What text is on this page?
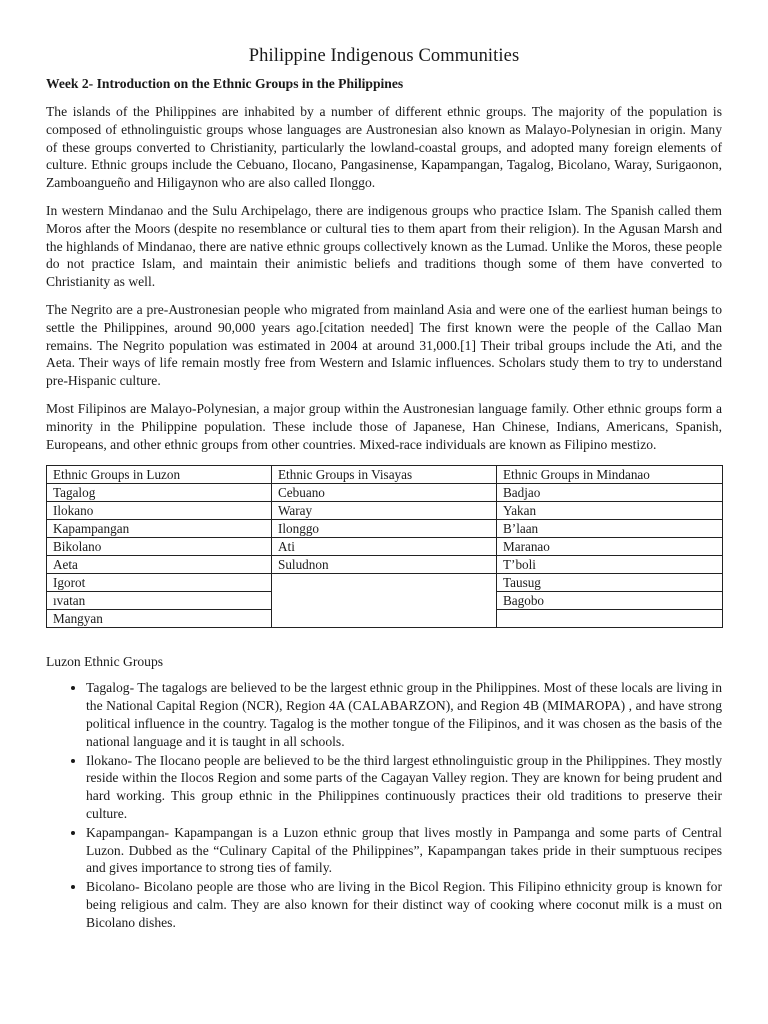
Philippine Indigenous Communities
Week 2- Introduction on the Ethnic Groups in the Philippines

The islands of the Philippines are inhabited by a number of different ethnic groups. The majority of the population is composed of ethnolinguistic groups whose languages are Austronesian also known as Malayo-Polynesian in origin. Many of these groups converted to Christianity, particularly the lowland-coastal groups, and adopted many foreign elements of culture. Ethnic groups include the Cebuano, Ilocano, Pangasinense, Kapampangan, Tagalog, Bicolano, Waray, Surigaonon, Zamboangueño and Hiligaynon who are also called Ilonggo.

In western Mindanao and the Sulu Archipelago, there are indigenous groups who practice Islam. The Spanish called them Moros after the Moors (despite no resemblance or cultural ties to them apart from their religion). In the Agusan Marsh and the highlands of Mindanao, there are native ethnic groups collectively known as the Lumad. Unlike the Moros, these people do not practice Islam, and maintain their animistic beliefs and traditions though some of them have converted to Christianity as well.

The Negrito are a pre-Austronesian people who migrated from mainland Asia and were one of the earliest human beings to settle the Philippines, around 90,000 years ago.[citation needed] The first known were the people of the Callao Man remains. The Negrito population was estimated in 2004 at around 31,000.[1] Their tribal groups include the Ati, and the Aeta. Their ways of life remain mostly free from Western and Islamic influences. Scholars study them to try to understand pre-Hispanic culture.

Most Filipinos are Malayo-Polynesian, a major group within the Austronesian language family. Other ethnic groups form a minority in the Philippine population. These include those of Japanese, Han Chinese, Indians, Americans, Spanish, Europeans, and other ethnic groups from other countries. Mixed-race individuals are known as Filipino mestizo.

Ethnic Groups in Luzon	Ethnic Groups in Visayas	Ethnic Groups in Mindanao
Tagalog	Cebuano	Badjao
Ilokano	Waray	Yakan
Kapampangan	Ilonggo	B’laan
Bikolano	Ati	Maranao
Aeta	Suludnon	T’boli
Igorot		Tausug
ıvatan		Bagobo
Mangyan		
Luzon Ethnic Groups
• Tagalog- The tagalogs are believed to be the largest ethnic group in the Philippines. Most of these locals are living in the National Capital Region (NCR), Region 4A (CALABARZON), and Region 4B (MIMAROPA) , and have strong political influence in the country. Tagalog is the mother tongue of the Filipinos, and it was chosen as the basis of the national language and it is taught in all schools.
• Ilokano- The Ilocano people are believed to be the third largest ethnolinguistic group in the Philippines. They mostly reside within the Ilocos Region and some parts of the Cagayan Valley region. They are known for being prudent and hard working. This group ethnic in the Philippines continuously practices their old traditions to preserve their culture.
• Kapampangan- Kapampangan is a Luzon ethnic group that lives mostly in Pampanga and some parts of Central Luzon. Dubbed as the “Culinary Capital of the Philippines”, Kapampangan takes pride in their sumptuous recipes and gives importance to strong ties of family.
• Bicolano- Bicolano people are those who are living in the Bicol Region. This Filipino ethnicity group is known for being religious and calm. They are also known for their distinct way of cooking where coconut milk is a must on Bicolano dishes.
